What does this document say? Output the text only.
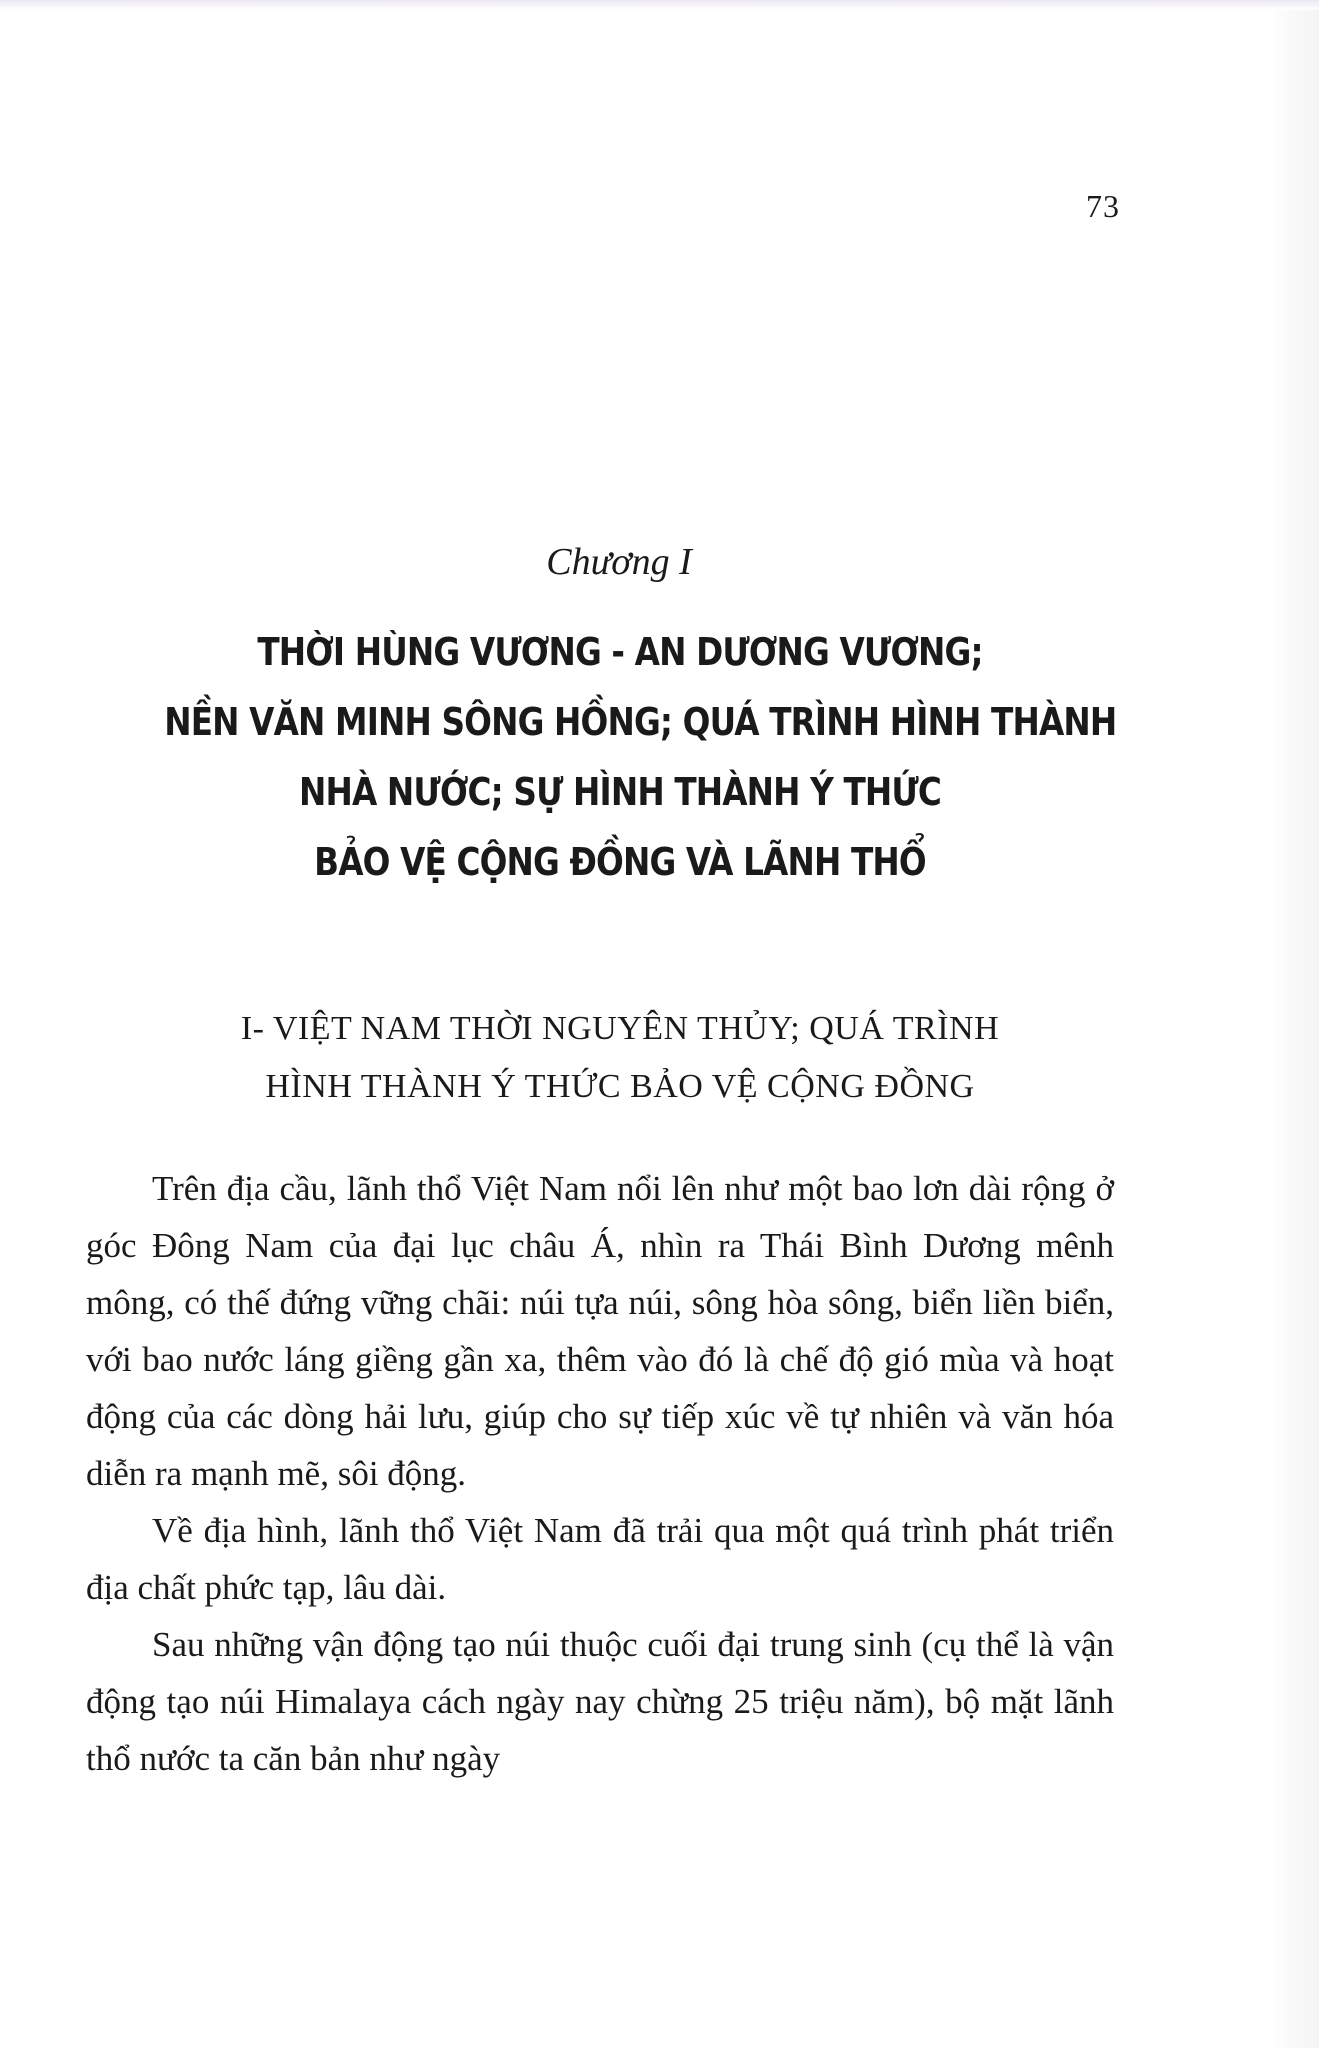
73
Chương I
THỜI HÙNG VƯƠNG - AN DƯƠNG VƯƠNG;
NỀN VĂN MINH SÔNG HỒNG; QUÁ TRÌNH HÌNH THÀNH
NHÀ NƯỚC; SỰ HÌNH THÀNH Ý THỨC
BẢO VỆ CỘNG ĐỒNG VÀ LÃNH THỔ
I- VIỆT NAM THỜI NGUYÊN THỦY; QUÁ TRÌNH
HÌNH THÀNH Ý THỨC BẢO VỆ CỘNG ĐỒNG

Trên địa cầu, lãnh thổ Việt Nam nổi lên như một bao lơn dài rộng ở góc Đông Nam của đại lục châu Á, nhìn ra Thái Bình Dương mênh mông, có thế đứng vững chãi: núi tựa núi, sông hòa sông, biển liền biển, với bao nước láng giềng gần xa, thêm vào đó là chế độ gió mùa và hoạt động của các dòng hải lưu, giúp cho sự tiếp xúc về tự nhiên và văn hóa diễn ra mạnh mẽ, sôi động.

Về địa hình, lãnh thổ Việt Nam đã trải qua một quá trình phát triển địa chất phức tạp, lâu dài.

Sau những vận động tạo núi thuộc cuối đại trung sinh (cụ thể là vận động tạo núi Himalaya cách ngày nay chừng 25 triệu năm), bộ mặt lãnh thổ nước ta căn bản như ngày
